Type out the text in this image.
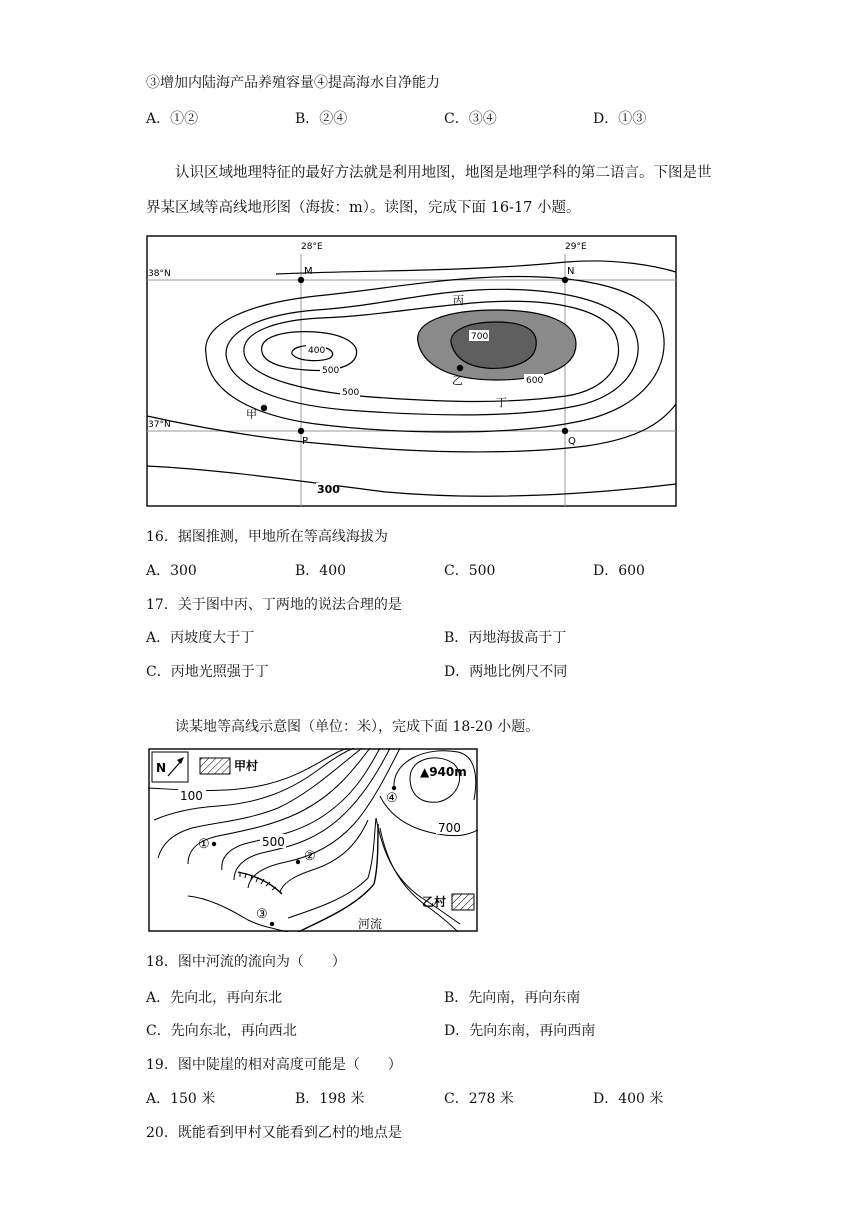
③增加内陆海产品养殖容量④提高海水自净能力
A．①②	B．②④	C．③④	D．①③
认识区域地理特征的最好方法就是利用地图，地图是地理学科的第二语言。下图是世界某区域等高线地形图（海拔：m）。读图，完成下面 16-17 小题。
28°E	29°E
38°N
37°N
M	N
P	Q
甲
乙
丙
丁
400
500
500
600
700
300
16．据图推测，甲地所在等高线海拔为
A．300	B．400	C．500	D．600
17．关于图中丙、丁两地的说法合理的是
A．丙坡度大于丁	B．丙地海拔高于丁
C．丙地光照强于丁	D．两地比例尺不同
读某地等高线示意图（单位：米），完成下面 18-20 小题。
N	甲村
乙村
100
500
700
▲940m
河流
①
②
③
④
18．图中河流的流向为（　　）
A．先向北，再向东北	B．先向南，再向东南
C．先向东北，再向西北	D．先向东南，再向西南
19．图中陡崖的相对高度可能是（　　）
A．150 米	B．198 米	C．278 米	D．400 米
20．既能看到甲村又能看到乙村的地点是
